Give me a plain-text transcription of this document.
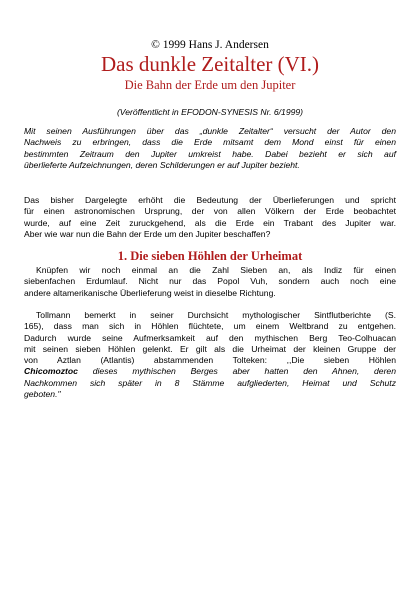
© 1999 Hans J. Andersen
Das dunkle Zeitalter (VI.)
Die Bahn der Erde um den Jupiter
(Veröffentlicht in EFODON-SYNESIS Nr. 6/1999)
Mit seinen Ausführungen über das „dunkle Zeitalter“ versucht der Autor den
Nachweis zu erbringen, dass die Erde mitsamt dem Mond einst für einen
bestimmten Zeitraum den Jupiter umkreist habe. Dabei bezieht er sich auf
überlieferte Aufzeichnungen, deren Schilderungen er auf Jupiter bezieht.
Das bisher Dargelegte erhöht die Bedeutung der Überlieferungen und spricht
für einen astronomischen Ursprung, der von allen Völkern der Erde beobachtet
wurde, auf eine Zeit zuruckgehend, als die Erde ein Trabant des Jupiter war.
Aber wie war nun die Bahn der Erde um den Jupiter beschaffen?
1. Die sieben Höhlen der Urheimat
Knüpfen wir noch einmal an die Zahl Sieben an, als Indiz für einen
siebenfachen Erdumlauf. Nicht nur das Popol Vuh, sondern auch noch eine
andere altamerikanische Überlieferung weist in dieselbe Richtung.
Tollmann bemerkt in seiner Durchsicht mythologischer Sintflutberichte (S.
165), dass man sich in Höhlen flüchtete, um einem Weltbrand zu entgehen.
Dadurch wurde seine Aufmerksamkeit auf den mythischen Berg Teo-Colhuacan
mit seinen sieben Höhlen gelenkt. Er gilt als die Urheimat der kleinen Gruppe der
von Aztlan (Atlantis) abstammenden Tolteken: ,,Die sieben Höhlen
Chicomoztoc dieses mythischen Berges aber hatten den Ahnen, deren
Nachkommen sich später in 8 Stämme aufgliederten, Heimat und Schutz
geboten."
